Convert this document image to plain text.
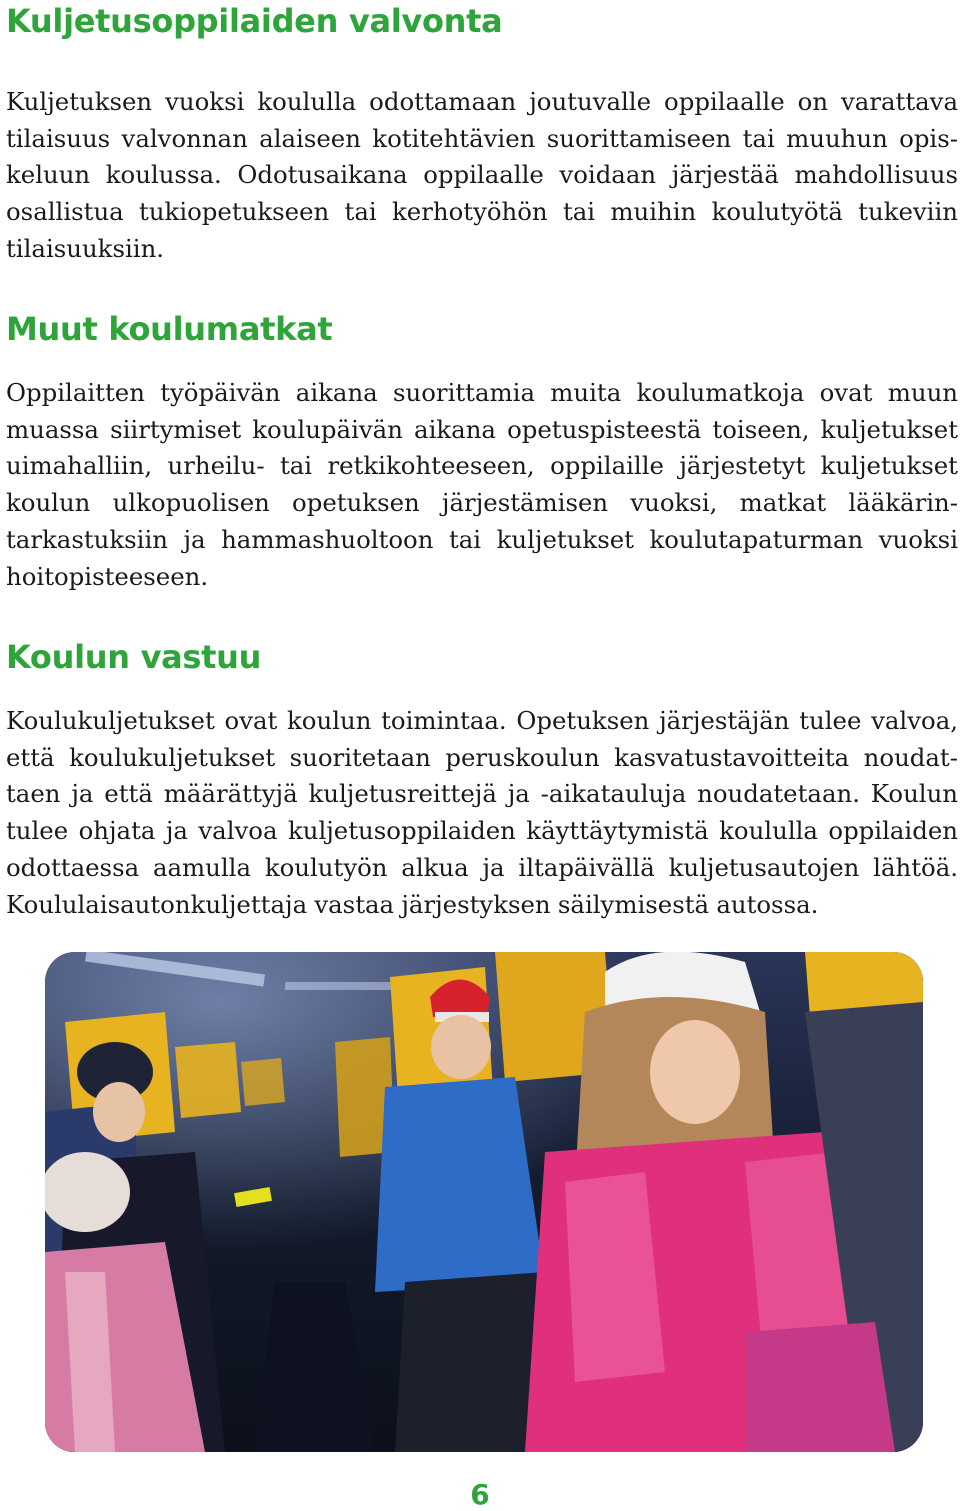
Kuljetusoppilaiden valvonta

Kuljetuksen vuoksi koululla odottamaan joutuvalle oppilaalle on varattava tilaisuus valvonnan alaiseen kotitehtävien suorittamiseen tai muuhun opiskeluun koulussa. Odotusaikana oppilaalle voidaan järjestää mahdollisuus osallistua tukiopetukseen tai kerhotyöhön tai muihin koulutyötä tukeviin tilaisuuksiin.

Muut koulumatkat

Oppilaitten työpäivän aikana suorittamia muita koulumatkoja ovat muun muassa siirtymiset koulupäivän aikana opetuspisteestä toiseen, kuljetukset uimahalliin, urheilu- tai retkikohteeseen, oppilaille järjestetyt kuljetukset koulun ulkopuolisen opetuksen järjestämisen vuoksi, matkat lääkärintarkastuksiin ja hammashuoltoon tai kuljetukset koulutapaturman vuoksi hoitopisteeseen.

Koulun vastuu

Koulukuljetukset ovat koulun toimintaa. Opetuksen järjestäjän tulee valvoa, että koulukuljetukset suoritetaan peruskoulun kasvatustavoitteita noudattaen ja että määrättyjä kuljetusreittejä ja -aikatauluja noudatetaan. Koulun tulee ohjata ja valvoa kuljetusoppilaiden käyttäytymistä koululla oppilaiden odottaessa aamulla koulutyön alkua ja iltapäivällä kuljetusautojen lähtöä. Koululaisautonkuljettaja vastaa järjestyksen säilymisestä autossa.

6
